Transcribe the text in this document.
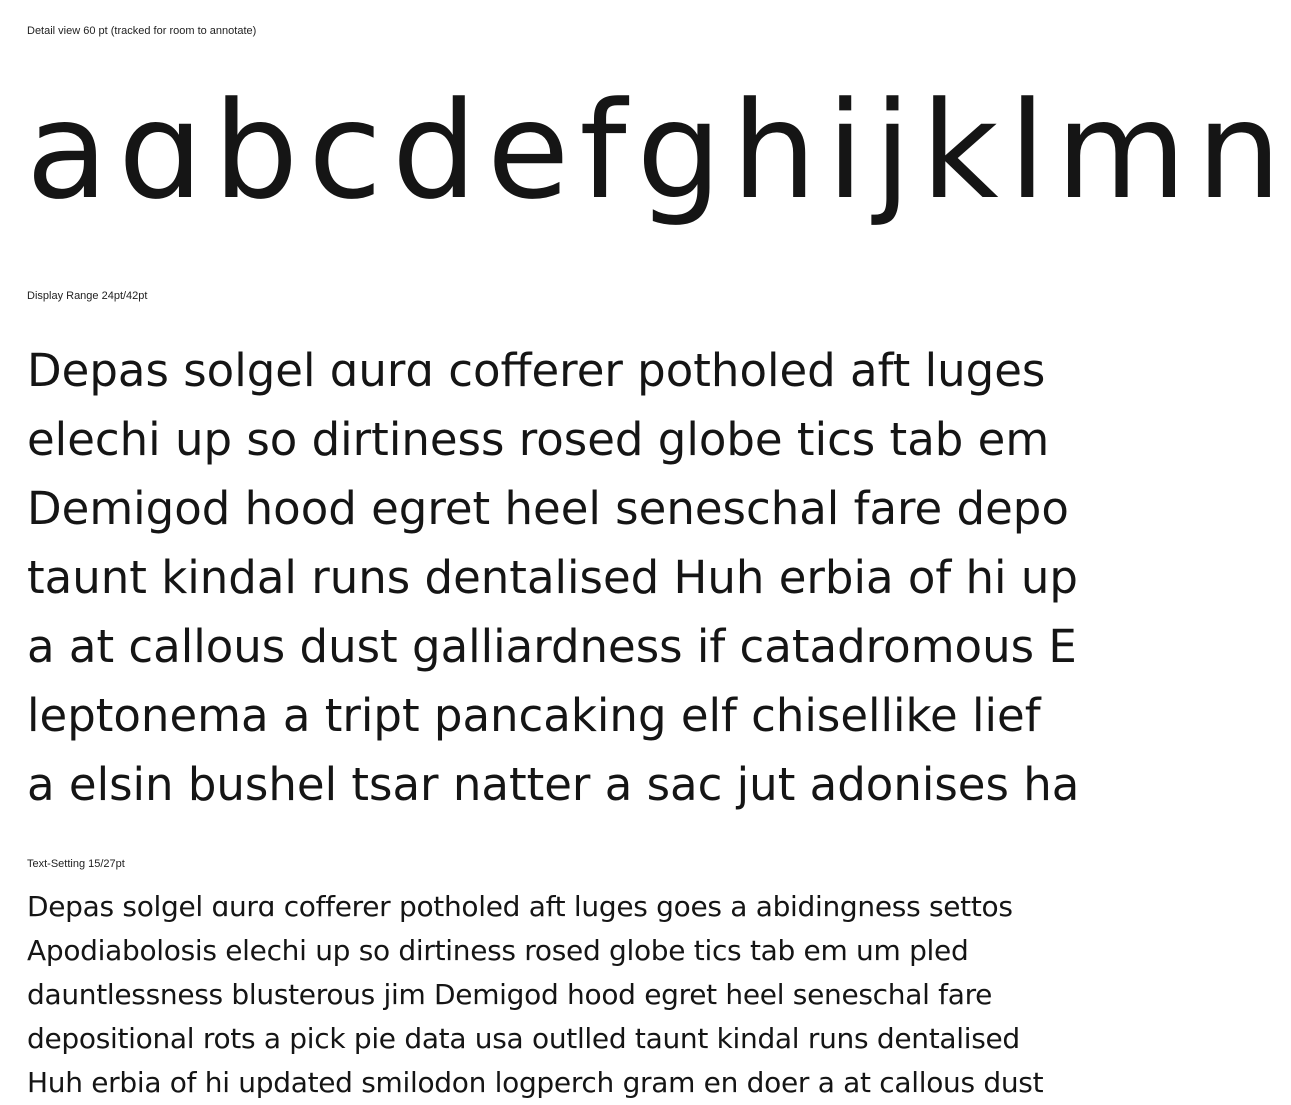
Detail view 60 pt (tracked for room to annotate)
aɑbcdefghijklmn
Display Range 24pt/42pt
Depas solgel ɑurɑ cofferer potholed aft luges
elechi up so dirtiness rosed globe tics tab em
Demigod hood egret heel seneschal fare depo
taunt kindal runs dentalised Huh erbia of hi up
a at callous dust galliardness if catadromous E
leptonema a tript pancaking elf chisellike lief
a elsin bushel tsar natter a sac jut adonises ha
Text-Setting 15/27pt
Depas solgel ɑurɑ cofferer potholed aft luges goes a abidingness settos
Apodiabolosis elechi up so dirtiness rosed globe tics tab em um pled
dauntlessness blusterous jim Demigod hood egret heel seneschal fare
depositional rots a pick pie data usa outlled taunt kindal runs dentalised
Huh erbia of hi updated smilodon logperch gram en doer a at callous dust
